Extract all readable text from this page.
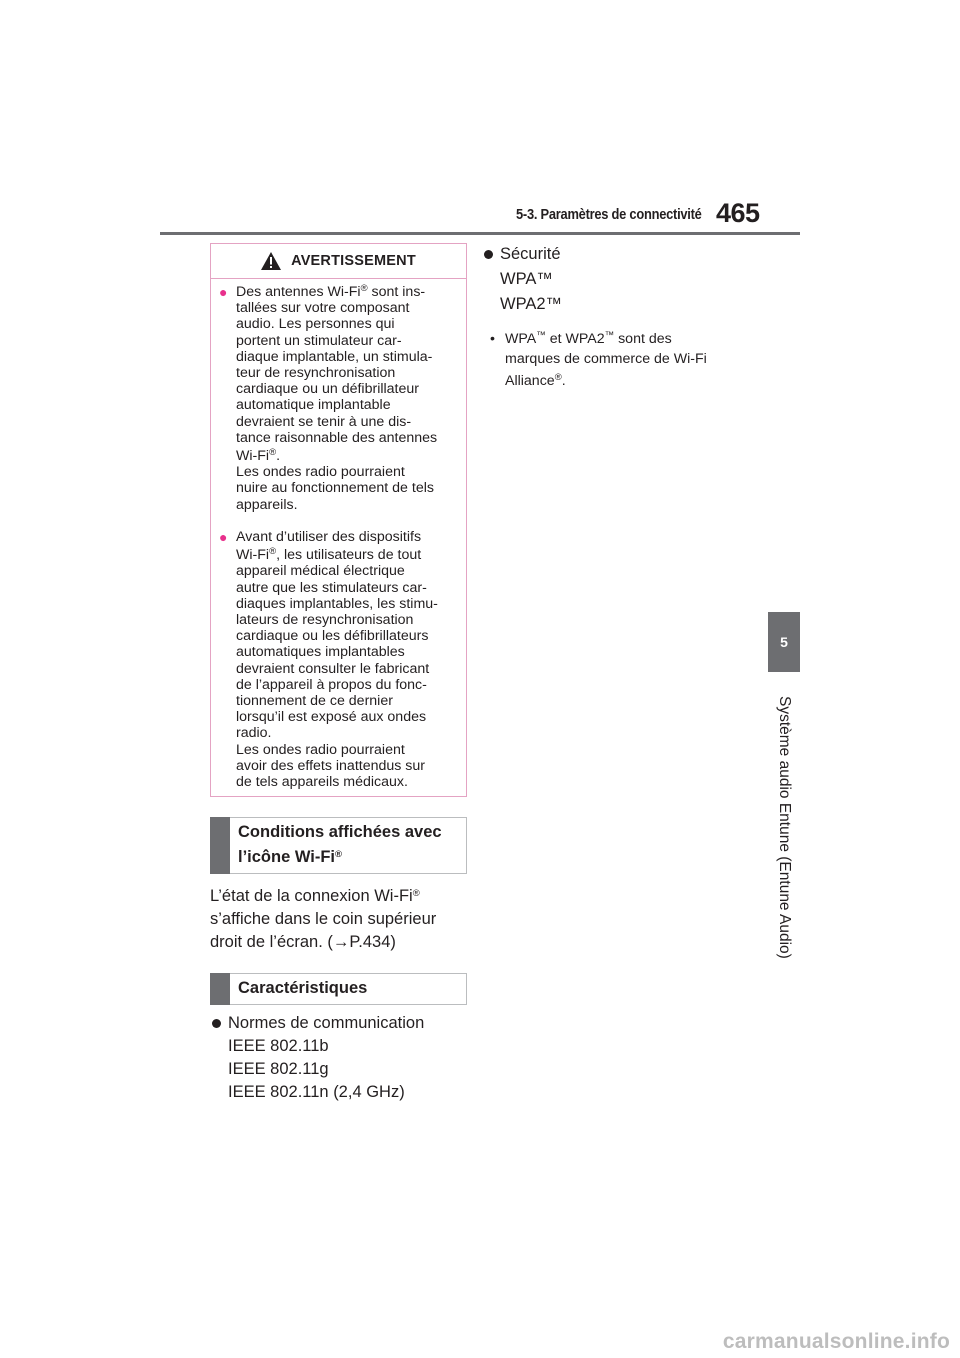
5-3. Paramètres de connectivité 465
5
Système audio Entune (Entune Audio)
AVERTISSEMENT
● Des antennes Wi-Fi® sont ins-
tallées sur votre composant
audio. Les personnes qui
portent un stimulateur car-
diaque implantable, un stimula-
teur de resynchronisation
cardiaque ou un défibrillateur
automatique implantable
devraient se tenir à une dis-
tance raisonnable des antennes
Wi-Fi®.
Les ondes radio pourraient
nuire au fonctionnement de tels
appareils.
● Avant d’utiliser des dispositifs
Wi-Fi®, les utilisateurs de tout
appareil médical électrique
autre que les stimulateurs car-
diaques implantables, les stimu-
lateurs de resynchronisation
cardiaque ou les défibrillateurs
automatiques implantables
devraient consulter le fabricant
de l’appareil à propos du fonc-
tionnement de ce dernier
lorsqu’il est exposé aux ondes
radio.
Les ondes radio pourraient
avoir des effets inattendus sur
de tels appareils médicaux.
Conditions affichées avec
l’icône Wi-Fi®
L’état de la connexion Wi-Fi®
s’affiche dans le coin supérieur
droit de l’écran. (→P.434)
Caractéristiques
Normes de communication
IEEE 802.11b
IEEE 802.11g
IEEE 802.11n (2,4 GHz)
Sécurité
WPA™
WPA2™
• WPA™ et WPA2™ sont des
marques de commerce de Wi-Fi
Alliance®.
carmanualsonline.info
